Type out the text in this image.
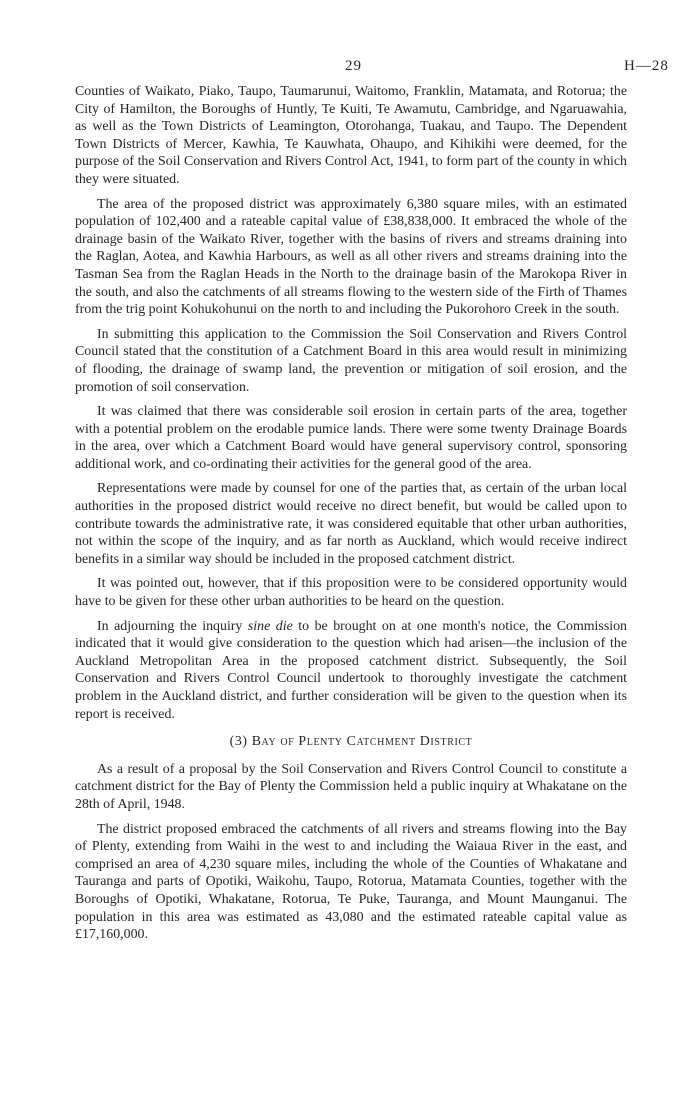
29	H—28

Counties of Waikato, Piako, Taupo, Taumarunui, Waitomo, Franklin, Matamata, and Rotorua; the City of Hamilton, the Boroughs of Huntly, Te Kuiti, Te Awamutu, Cambridge, and Ngaruawahia, as well as the Town Districts of Leamington, Otorohanga, Tuakau, and Taupo. The Dependent Town Districts of Mercer, Kawhia, Te Kauwhata, Ohaupo, and Kihikihi were deemed, for the purpose of the Soil Conservation and Rivers Control Act, 1941, to form part of the county in which they were situated.

The area of the proposed district was approximately 6,380 square miles, with an estimated population of 102,400 and a rateable capital value of £38,838,000. It embraced the whole of the drainage basin of the Waikato River, together with the basins of rivers and streams draining into the Raglan, Aotea, and Kawhia Harbours, as well as all other rivers and streams draining into the Tasman Sea from the Raglan Heads in the North to the drainage basin of the Marokopa River in the south, and also the catchments of all streams flowing to the western side of the Firth of Thames from the trig point Kohukohunui on the north to and including the Pukorohoro Creek in the south.

In submitting this application to the Commission the Soil Conservation and Rivers Control Council stated that the constitution of a Catchment Board in this area would result in minimizing of flooding, the drainage of swamp land, the prevention or mitigation of soil erosion, and the promotion of soil conservation.

It was claimed that there was considerable soil erosion in certain parts of the area, together with a potential problem on the erodable pumice lands. There were some twenty Drainage Boards in the area, over which a Catchment Board would have general supervisory control, sponsoring additional work, and co-ordinating their activities for the general good of the area.

Representations were made by counsel for one of the parties that, as certain of the urban local authorities in the proposed district would receive no direct benefit, but would be called upon to contribute towards the administrative rate, it was considered equitable that other urban authorities, not within the scope of the inquiry, and as far north as Auckland, which would receive indirect benefits in a similar way should be included in the proposed catchment district.

It was pointed out, however, that if this proposition were to be considered opportunity would have to be given for these other urban authorities to be heard on the question.

In adjourning the inquiry sine die to be brought on at one month's notice, the Commission indicated that it would give consideration to the question which had arisen—the inclusion of the Auckland Metropolitan Area in the proposed catchment district. Subsequently, the Soil Conservation and Rivers Control Council undertook to thoroughly investigate the catchment problem in the Auckland district, and further consideration will be given to the question when its report is received.

(3) Bay of Plenty Catchment District

As a result of a proposal by the Soil Conservation and Rivers Control Council to constitute a catchment district for the Bay of Plenty the Commission held a public inquiry at Whakatane on the 28th of April, 1948.

The district proposed embraced the catchments of all rivers and streams flowing into the Bay of Plenty, extending from Waihi in the west to and including the Waiaua River in the east, and comprised an area of 4,230 square miles, including the whole of the Counties of Whakatane and Tauranga and parts of Opotiki, Waikohu, Taupo, Rotorua, Matamata Counties, together with the Boroughs of Opotiki, Whakatane, Rotorua, Te Puke, Tauranga, and Mount Maunganui. The population in this area was estimated as 43,080 and the estimated rateable capital value as £17,160,000.
